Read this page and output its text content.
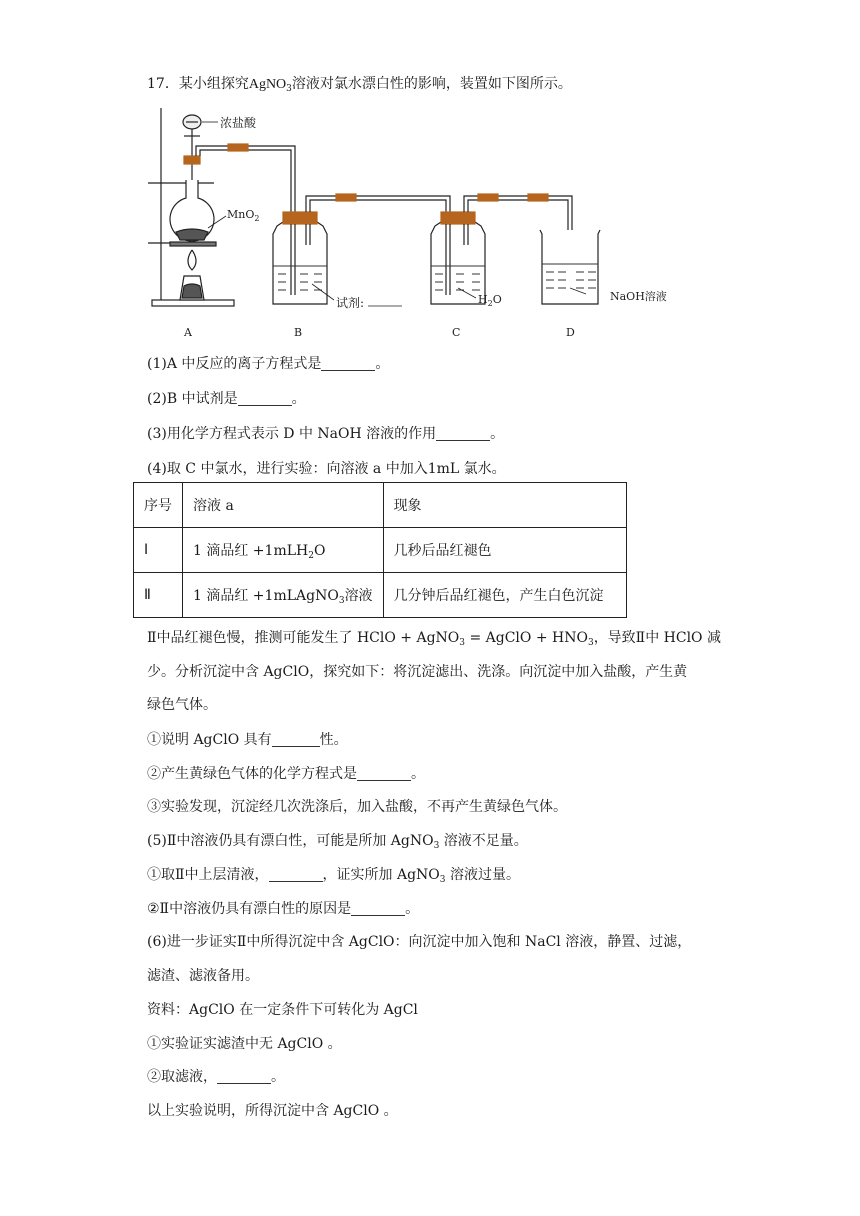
17．某小组探究AgNO$_3$溶液对氯水漂白性的影响，装置如下图所示。
浓盐酸
MnO$_2$
试剂:	$H_2O$	NaOH溶液
A	B	C	D
(1)A 中反应的离子方程式是	。
(2)B 中试剂是	。
(3)用化学方程式表示 D 中 NaOH 溶液的作用	。
(4)取 C 中氯水，进行实验：向溶液 a 中加入1mL 氯水。
序号	溶液 a	现象
Ⅰ	1 滴品红 +1mLH$_2$O	几秒后品红褪色
Ⅱ	1 滴品红 +1mLAgNO$_3$溶液	几分钟后品红褪色，产生白色沉淀
Ⅱ中品红褪色慢，推测可能发生了 HClO + AgNO$_3$ = AgClO + $HNO_3$，导致Ⅱ中 HClO 减
少。分析沉淀中含 AgClO，探究如下：将沉淀滤出、洗涤。向沉淀中加入盐酸，产生黄
绿色气体。
①说明 AgClO 具有	性。
②产生黄绿色气体的化学方程式是	。
③实验发现，沉淀经几次洗涤后，加入盐酸，不再产生黄绿色气体。
(5)Ⅱ中溶液仍具有漂白性，可能是所加 AgNO$_3$ 溶液不足量。
①取Ⅱ中上层清液，	，证实所加 AgNO$_3$ 溶液过量。
②Ⅱ中溶液仍具有漂白性的原因是	。
(6)进一步证实Ⅱ中所得沉淀中含 AgClO：向沉淀中加入饱和 NaCl 溶液，静置、过滤，
滤渣、滤液备用。
资料：AgClO 在一定条件下可转化为 AgCl
①实验证实滤渣中无 AgClO 。
②取滤液，	。
以上实验说明，所得沉淀中含 AgClO 。
